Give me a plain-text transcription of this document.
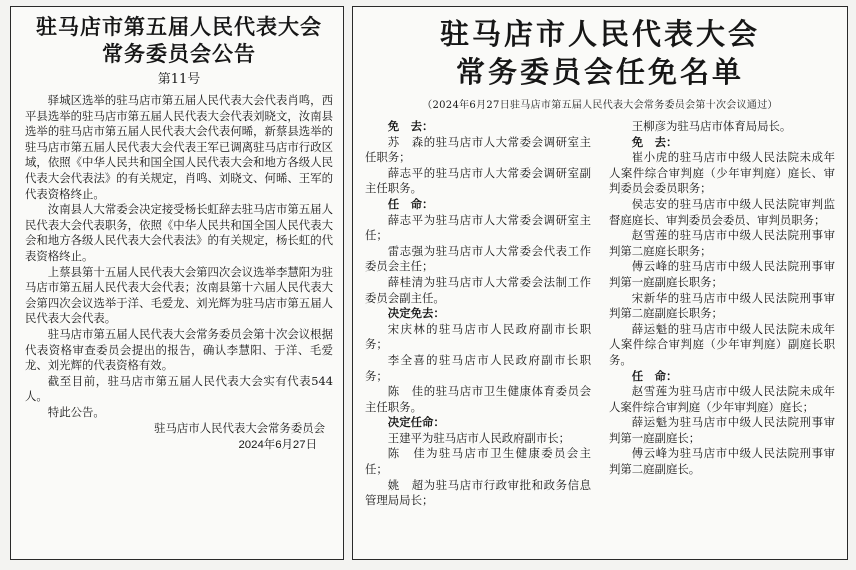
驻马店市第五届人民代表大会
常务委员会公告
第11号

驿城区选举的驻马店市第五届人民代表大会代表肖鸣，西平县选举的驻马店市第五届人民代表大会代表刘晓文，汝南县选举的驻马店市第五届人民代表大会代表何晞，新蔡县选举的驻马店市第五届人民代表大会代表王军已调离驻马店市行政区域，依照《中华人民共和国全国人民代表大会和地方各级人民代表大会代表法》的有关规定，肖鸣、刘晓文、何晞、王军的代表资格终止。

汝南县人大常委会决定接受杨长虹辞去驻马店市第五届人民代表大会代表职务，依照《中华人民共和国全国人民代表大会和地方各级人民代表大会代表法》的有关规定，杨长虹的代表资格终止。

上蔡县第十五届人民代表大会第四次会议选举李慧阳为驻马店市第五届人民代表大会代表；汝南县第十六届人民代表大会第四次会议选举于洋、毛爱龙、刘光辉为驻马店市第五届人民代表大会代表。

驻马店市第五届人民代表大会常务委员会第十次会议根据代表资格审查委员会提出的报告，确认李慧阳、于洋、毛爱龙、刘光辉的代表资格有效。

截至目前，驻马店市第五届人民代表大会实有代表544人。

特此公告。

驻马店市人民代表大会常务委员会
2024年6月27日
驻马店市人民代表大会
常务委员会任免名单
（2024年6月27日驻马店市第五届人民代表大会常务委员会第十次会议通过）

免　去：

苏　森的驻马店市人大常委会调研室主任职务；

薛志平的驻马店市人大常委会调研室副主任职务。

任　命：

薛志平为驻马店市人大常委会调研室主任；

雷志强为驻马店市人大常委会代表工作委员会主任；

薛桂清为驻马店市人大常委会法制工作委员会副主任。

决定免去：

宋庆林的驻马店市人民政府副市长职务；

李全喜的驻马店市人民政府副市长职务；

陈　佳的驻马店市卫生健康体育委员会主任职务。

决定任命：

王建平为驻马店市人民政府副市长；

陈　佳为驻马店市卫生健康委员会主任；

姚　超为驻马店市行政审批和政务信息管理局局长；

王柳彦为驻马店市体育局局长。

免　去：

崔小虎的驻马店市中级人民法院未成年人案件综合审判庭（少年审判庭）庭长、审判委员会委员职务；

侯志安的驻马店市中级人民法院审判监督庭庭长、审判委员会委员、审判员职务；

赵雪莲的驻马店市中级人民法院刑事审判第二庭庭长职务；

傅云峰的驻马店市中级人民法院刑事审判第一庭副庭长职务；

宋新华的驻马店市中级人民法院刑事审判第二庭副庭长职务；

薛运魁的驻马店市中级人民法院未成年人案件综合审判庭（少年审判庭）副庭长职务。

任　命：

赵雪莲为驻马店市中级人民法院未成年人案件综合审判庭（少年审判庭）庭长；

薛运魁为驻马店市中级人民法院刑事审判第一庭副庭长；

傅云峰为驻马店市中级人民法院刑事审判第二庭副庭长。
